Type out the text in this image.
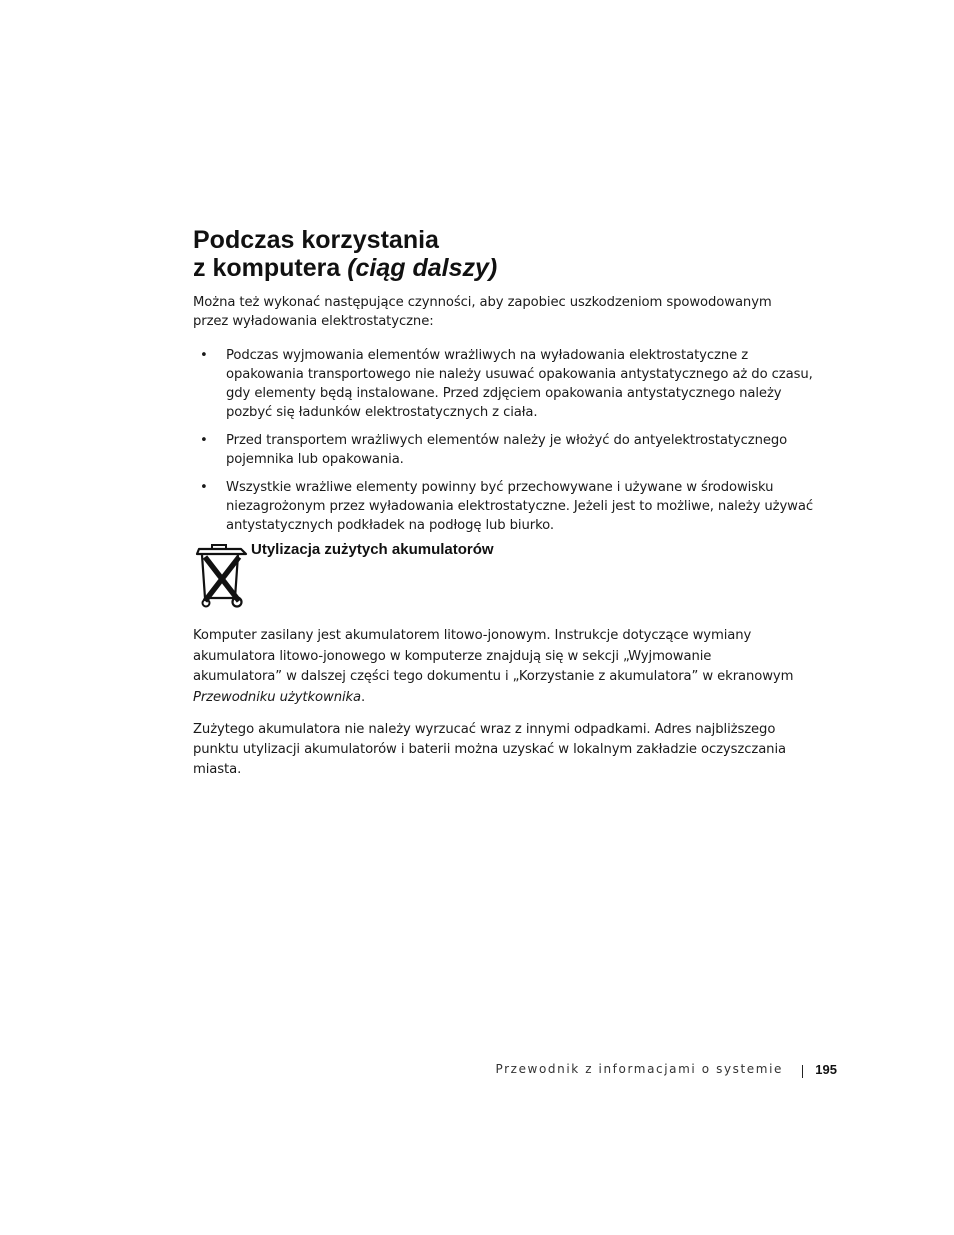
Podczas korzystania
z komputera (ciąg dalszy)

Można też wykonać następujące czynności, aby zapobiec uszkodzeniom spowodowanym przez wyładowania elektrostatyczne:

• Podczas wyjmowania elementów wrażliwych na wyładowania elektrostatyczne z opakowania transportowego nie należy usuwać opakowania antystatycznego aż do czasu, gdy elementy będą instalowane. Przed zdjęciem opakowania antystatycznego należy pozbyć się ładunków elektrostatycznych z ciała.
• Przed transportem wrażliwych elementów należy je włożyć do antyelektrostatycznego pojemnika lub opakowania.
• Wszystkie wrażliwe elementy powinny być przechowywane i używane w środowisku niezagrożonym przez wyładowania elektrostatyczne. Jeżeli jest to możliwe, należy używać antystatycznych podkładek na podłogę lub biurko.
Utylizacja zużytych akumulatorów

Komputer zasilany jest akumulatorem litowo-jonowym. Instrukcje dotyczące wymiany akumulatora litowo-jonowego w komputerze znajdują się w sekcji „Wyjmowanie akumulatora” w dalszej części tego dokumentu i „Korzystanie z akumulatora” w ekranowym Przewodniku użytkownika.

Zużytego akumulatora nie należy wyrzucać wraz z innymi odpadkami. Adres najbliższego punktu utylizacji akumulatorów i baterii można uzyskać w lokalnym zakładzie oczyszczania miasta.

Przewodnik z informacjami o systemie 195
